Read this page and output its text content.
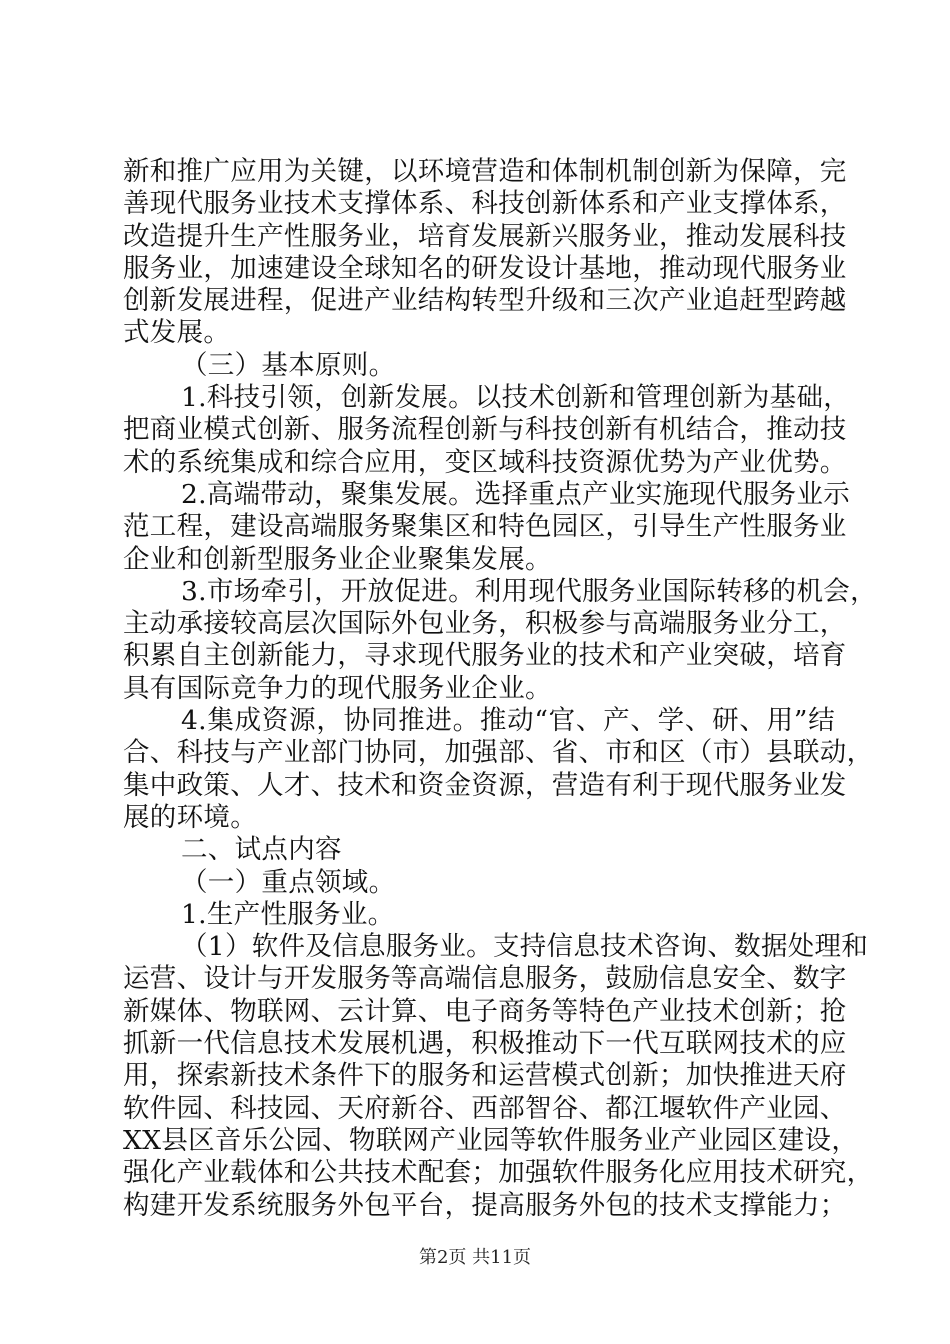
新和推广应用为关键，以环境营造和体制机制创新为保障，完
善现代服务业技术支撑体系、科技创新体系和产业支撑体系，
改造提升生产性服务业，培育发展新兴服务业，推动发展科技
服务业，加速建设全球知名的研发设计基地，推动现代服务业
创新发展进程，促进产业结构转型升级和三次产业追赶型跨越
式发展。
（三）基本原则。
1.科技引领，创新发展。以技术创新和管理创新为基础，
把商业模式创新、服务流程创新与科技创新有机结合，推动技
术的系统集成和综合应用，变区域科技资源优势为产业优势。
2.高端带动，聚集发展。选择重点产业实施现代服务业示
范工程，建设高端服务聚集区和特色园区，引导生产性服务业
企业和创新型服务业企业聚集发展。
3.市场牵引，开放促进。利用现代服务业国际转移的机会，
主动承接较高层次国际外包业务，积极参与高端服务业分工，
积累自主创新能力，寻求现代服务业的技术和产业突破，培育
具有国际竞争力的现代服务业企业。
4.集成资源，协同推进。推动“官、产、学、研、用”结
合、科技与产业部门协同，加强部、省、市和区（市）县联动，
集中政策、人才、技术和资金资源，营造有利于现代服务业发
展的环境。
二、试点内容
（一）重点领域。
1.生产性服务业。
（1）软件及信息服务业。支持信息技术咨询、数据处理和
运营、设计与开发服务等高端信息服务，鼓励信息安全、数字
新媒体、物联网、云计算、电子商务等特色产业技术创新；抢
抓新一代信息技术发展机遇，积极推动下一代互联网技术的应
用，探索新技术条件下的服务和运营模式创新；加快推进天府
软件园、科技园、天府新谷、西部智谷、都江堰软件产业园、
XX县区音乐公园、物联网产业园等软件服务业产业园区建设，
强化产业载体和公共技术配套；加强软件服务化应用技术研究，
构建开发系统服务外包平台，提高服务外包的技术支撑能力；
第2页 共11页
